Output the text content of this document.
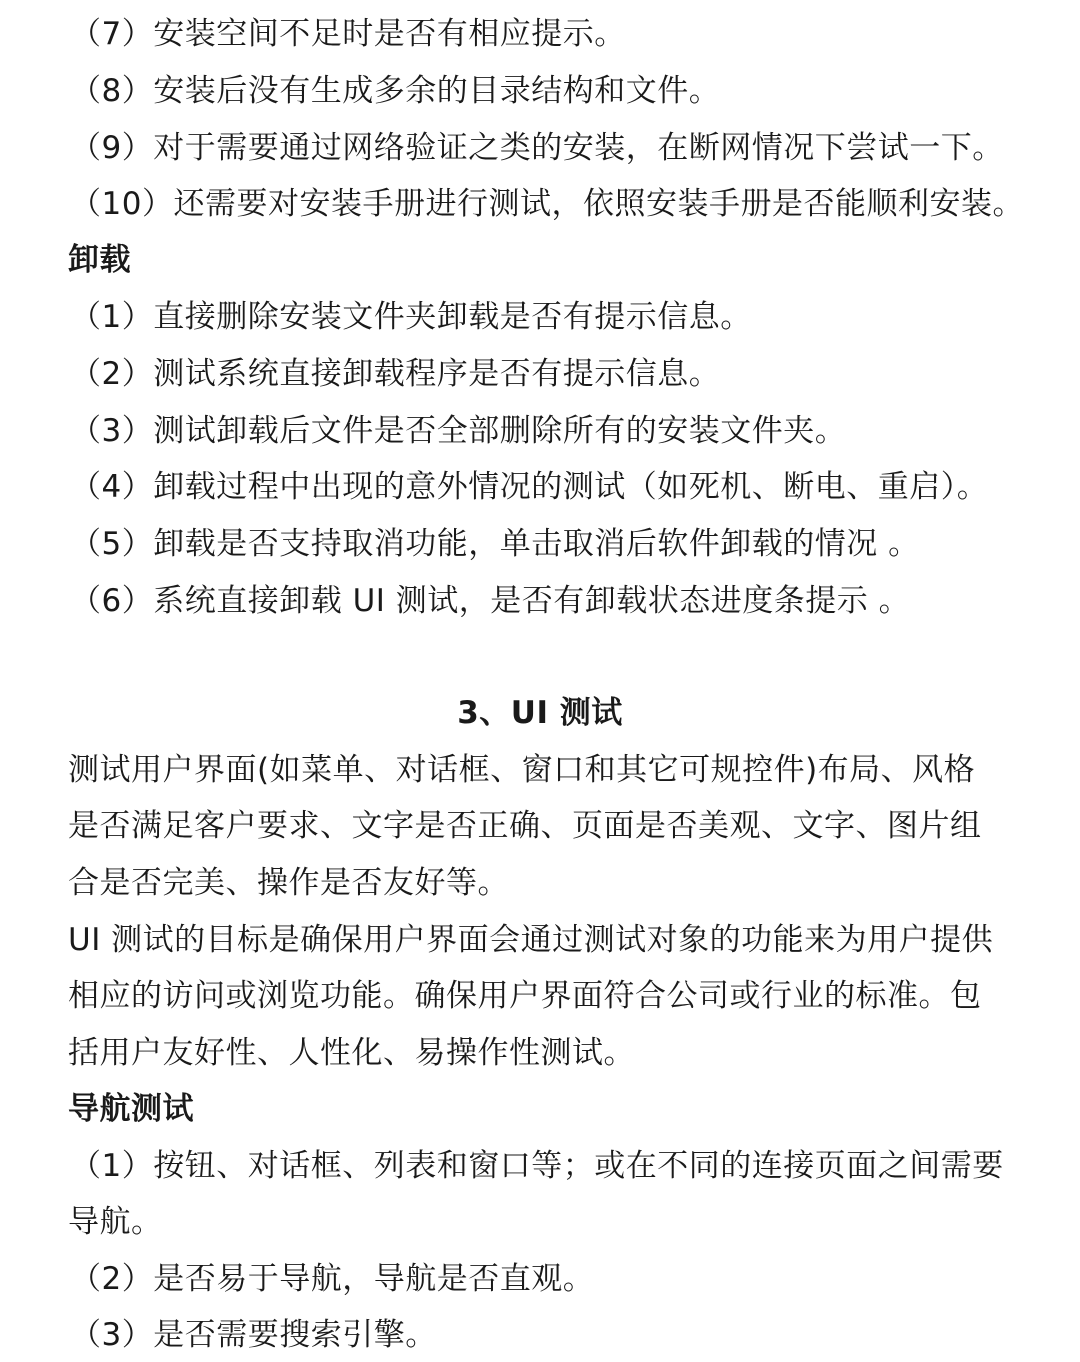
（7）安装空间不足时是否有相应提示。
（8）安装后没有生成多余的目录结构和文件。
（9）对于需要通过网络验证之类的安装，在断网情况下尝试一下。
（10）还需要对安装手册进行测试，依照安装手册是否能顺利安装。
卸载
（1）直接删除安装文件夹卸载是否有提示信息。
（2）测试系统直接卸载程序是否有提示信息。
（3）测试卸载后文件是否全部删除所有的安装文件夹。
（4）卸载过程中出现的意外情况的测试（如死机、断电、重启）。
（5）卸载是否支持取消功能，单击取消后软件卸载的情况 。
（6）系统直接卸载 UI 测试，是否有卸载状态进度条提示 。
3、UI 测试
测试用户界面(如菜单、对话框、窗口和其它可规控件)布局、风格
是否满足客户要求、文字是否正确、页面是否美观、文字、图片组
合是否完美、操作是否友好等。
UI 测试的目标是确保用户界面会通过测试对象的功能来为用户提供
相应的访问或浏览功能。确保用户界面符合公司或行业的标准。包
括用户友好性、人性化、易操作性测试。
导航测试
（1）按钮、对话框、列表和窗口等；或在不同的连接页面之间需要
导航。
（2）是否易于导航，导航是否直观。
（3）是否需要搜索引擎。
